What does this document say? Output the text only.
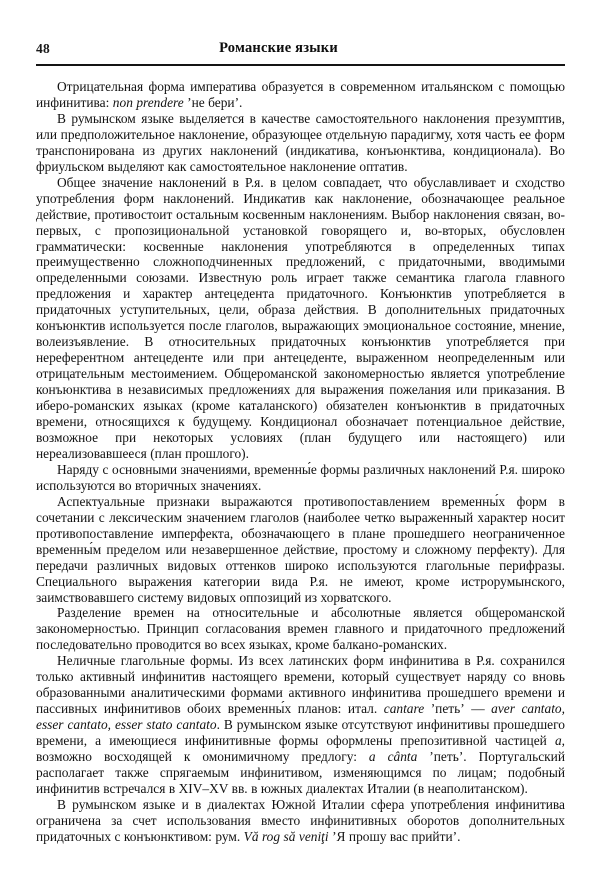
48	Романские языки

Отрицательная форма императива образуется в современном итальянском с помощью инфинитива: non prendere ʼне бериʼ.

В румынском языке выделяется в качестве самостоятельного наклонения презумптив, или предположительное наклонение, образующее отдельную парадигму, хотя часть ее форм транспонирована из других наклонений (индикатива, конъюнктива, кондиционала). Во фриульском выделяют как самостоятельное наклонение оптатив.

Общее значение наклонений в Р.я. в целом совпадает, что обуславливает и сходство употребления форм наклонений. Индикатив как наклонение, обозначающее реальное действие, противостоит остальным косвенным наклонениям. Выбор наклонения связан, во-первых, с пропозициональной установкой говорящего и, во-вторых, обусловлен грамматически: косвенные наклонения употребляются в определенных типах преимущественно сложноподчиненных предложений, с придаточными, вводимыми определенными союзами. Известную роль играет также семантика глагола главного предложения и характер антецедента придаточного. Конъюнктив употребляется в придаточных уступительных, цели, образа действия. В дополнительных придаточных конъюнктив используется после глаголов, выражающих эмоциональное состояние, мнение, волеизъявление. В относительных придаточных конъюнктив употребляется при нереферентном антецеденте или при антецеденте, выраженном неопределенным или отрицательным местоимением. Общероманской закономерностью является употребление конъюнктива в независимых предложениях для выражения пожелания или приказания. В иберо-романских языках (кроме каталанского) обязателен конъюнктив в придаточных времени, относящихся к будущему. Кондиционал обозначает потенциальное действие, возможное при некоторых условиях (план будущего или настоящего) или нереализовавшееся (план прошлого).

Наряду с основными значениями, временны́е формы различных наклонений Р.я. широко используются во вторичных значениях.

Аспектуальные признаки выражаются противопоставлением временны́х форм в сочетании с лексическим значением глаголов (наиболее четко выраженный характер носит противопоставление имперфекта, обозначающего в плане прошедшего неограниченное временны́м пределом или незавершенное действие, простому и сложному перфекту). Для передачи различных видовых оттенков широко используются глагольные перифразы. Специального выражения категории вида Р.я. не имеют, кроме истрорумынского, заимствовавшего систему видовых оппозиций из хорватского.

Разделение времен на относительные и абсолютные является общероманской закономерностью. Принцип согласования времен главного и придаточного предложений последовательно проводится во всех языках, кроме балкано-романских.

Неличные глагольные формы. Из всех латинских форм инфинитива в Р.я. сохранился только активный инфинитив настоящего времени, который существует наряду со вновь образованными аналитическими формами активного инфинитива прошедшего времени и пассивных инфинитивов обоих временны́х планов: итал. cantare ʼпетьʼ — aver cantato, esser cantato, esser stato cantato. В румынском языке отсутствуют инфинитивы прошедшего времени, а имеющиеся инфинитивные формы оформлены препозитивной частицей a, возможно восходящей к омонимичному предлогу: a cânta ʼпетьʼ. Португальский располагает также спрягаемым инфинитивом, изменяющимся по лицам; подобный инфинитив встречался в XIV–XV вв. в южных диалектах Италии (в неаполитанском).

В румынском языке и в диалектах Южной Италии сфера употребления инфинитива ограничена за счет использования вместо инфинитивных оборотов дополнительных придаточных с конъюнктивом: рум. Vă rog să veniţi ʼЯ прошу вас прийтиʼ.
